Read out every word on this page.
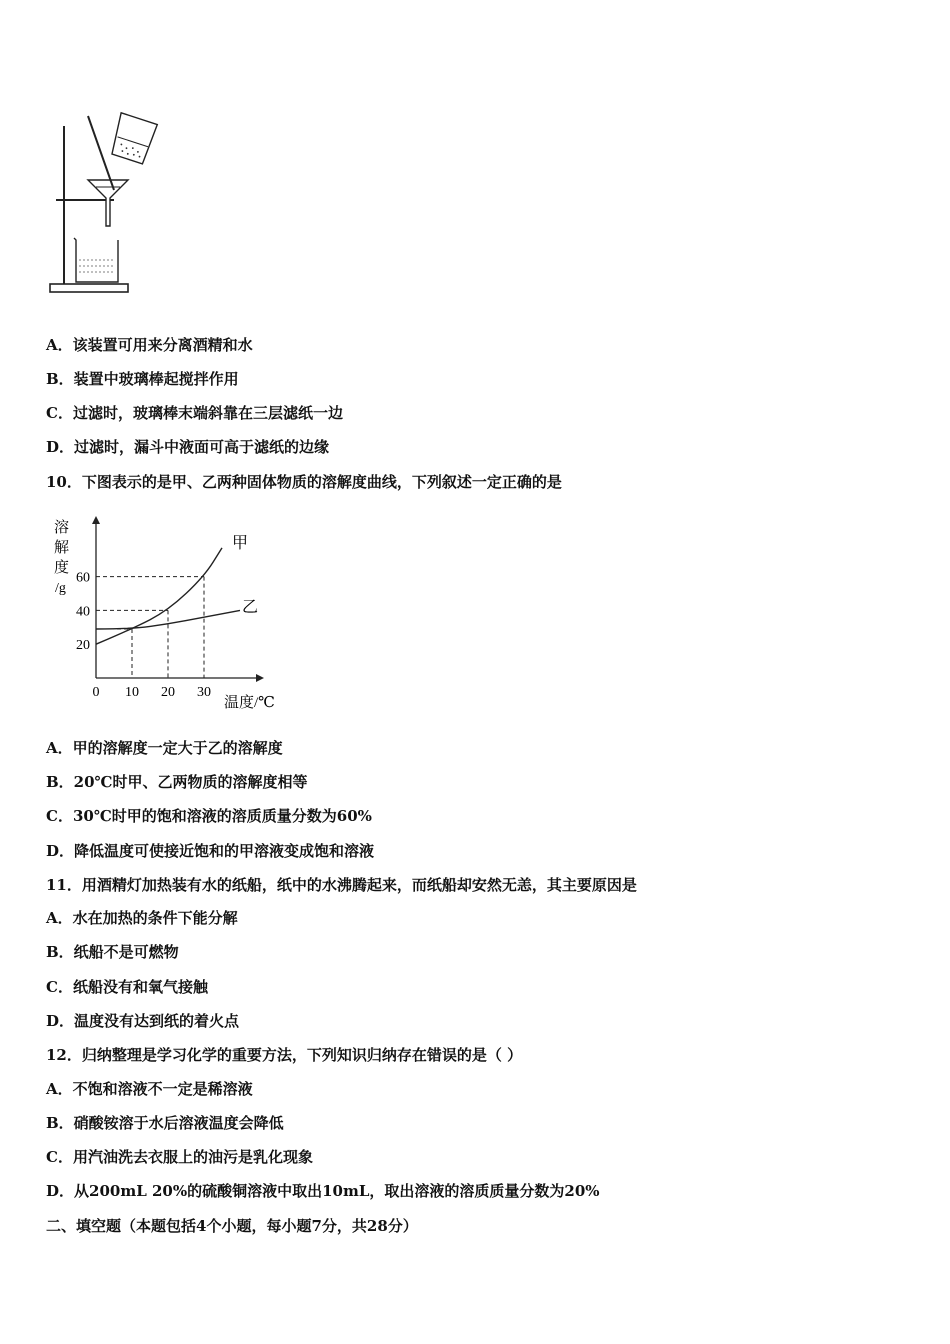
A．该装置可用来分离酒精和水
B．装置中玻璃棒起搅拌作用
C．过滤时，玻璃棒末端斜靠在三层滤纸一边
D．过滤时，漏斗中液面可高于滤纸的边缘
10．下图表示的是甲、乙两种固体物质的溶解度曲线，下列叙述一定正确的是
溶
解
度
/g
温度/℃
甲
乙
0 10 20 30
20
40
60
A．甲的溶解度一定大于乙的溶解度
B．20℃时甲、乙两物质的溶解度相等
C．30℃时甲的饱和溶液的溶质质量分数为60%
D．降低温度可使接近饱和的甲溶液变成饱和溶液
11．用酒精灯加热装有水的纸船，纸中的水沸腾起来，而纸船却安然无恙，其主要原因是
A．水在加热的条件下能分解
B．纸船不是可燃物
C．纸船没有和氧气接触
D．温度没有达到纸的着火点
12．归纳整理是学习化学的重要方法，下列知识归纳存在错误的是（ ）
A．不饱和溶液不一定是稀溶液
B．硝酸铵溶于水后溶液温度会降低
C．用汽油洗去衣服上的油污是乳化现象
D．从200mL 20%的硫酸铜溶液中取出10mL，取出溶液的溶质质量分数为20%
二、填空题（本题包括4个小题，每小题7分，共28分）
